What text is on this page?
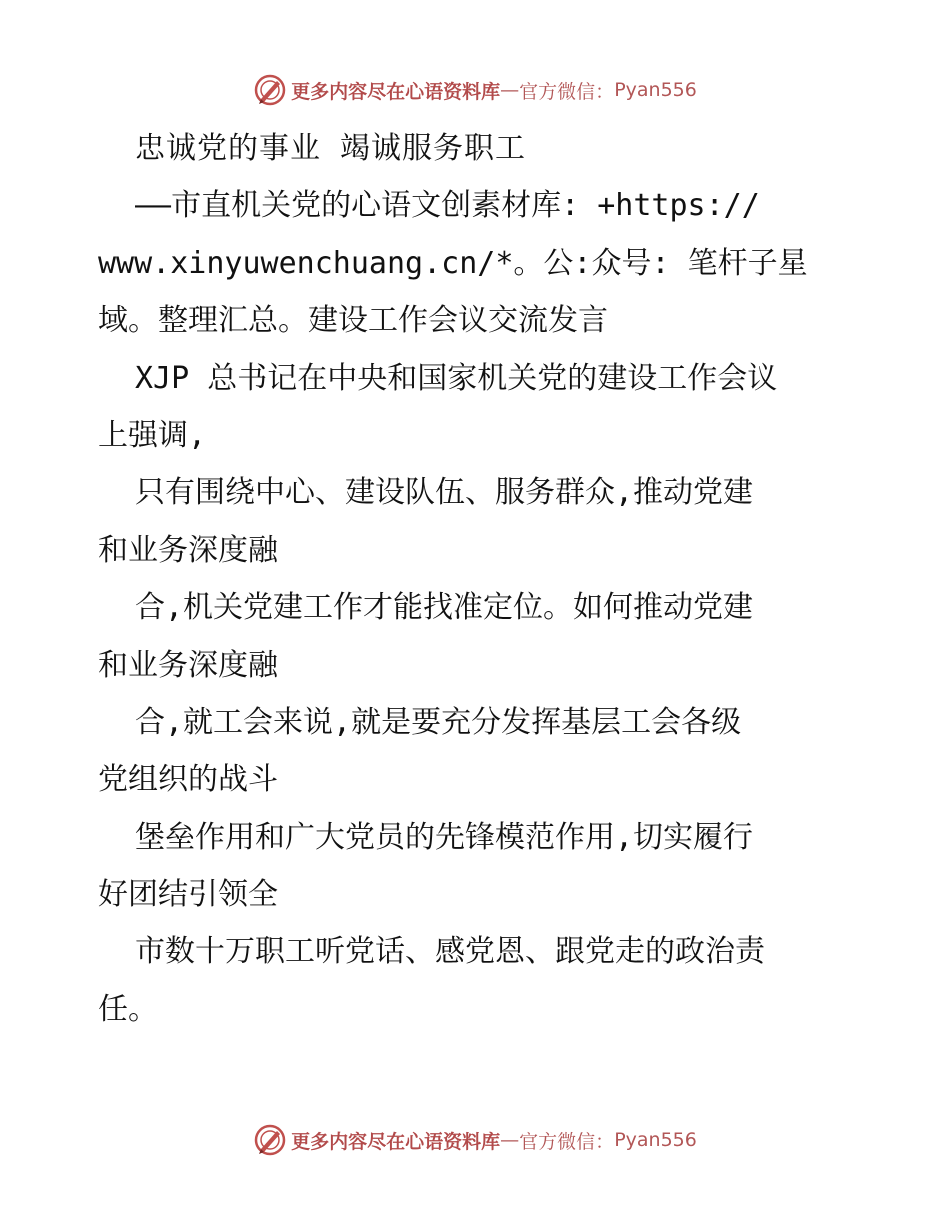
更多内容尽在心语资料库 — 官方微信： Pyan556
忠诚党的事业 竭诚服务职工
——市直机关党的心语文创素材库: +https://
www.xinyuwenchuang.cn/*。公:众号: 笔杆子星
域。整理汇总。建设工作会议交流发言
XJP 总书记在中央和国家机关党的建设工作会议
上强调,
只有围绕中心、建设队伍、服务群众,推动党建
和业务深度融
合,机关党建工作才能找准定位。如何推动党建
和业务深度融
合,就工会来说,就是要充分发挥基层工会各级
党组织的战斗
堡垒作用和广大党员的先锋模范作用,切实履行
好团结引领全
市数十万职工听党话、感党恩、跟党走的政治责
任。
更多内容尽在心语资料库 — 官方微信： Pyan556
